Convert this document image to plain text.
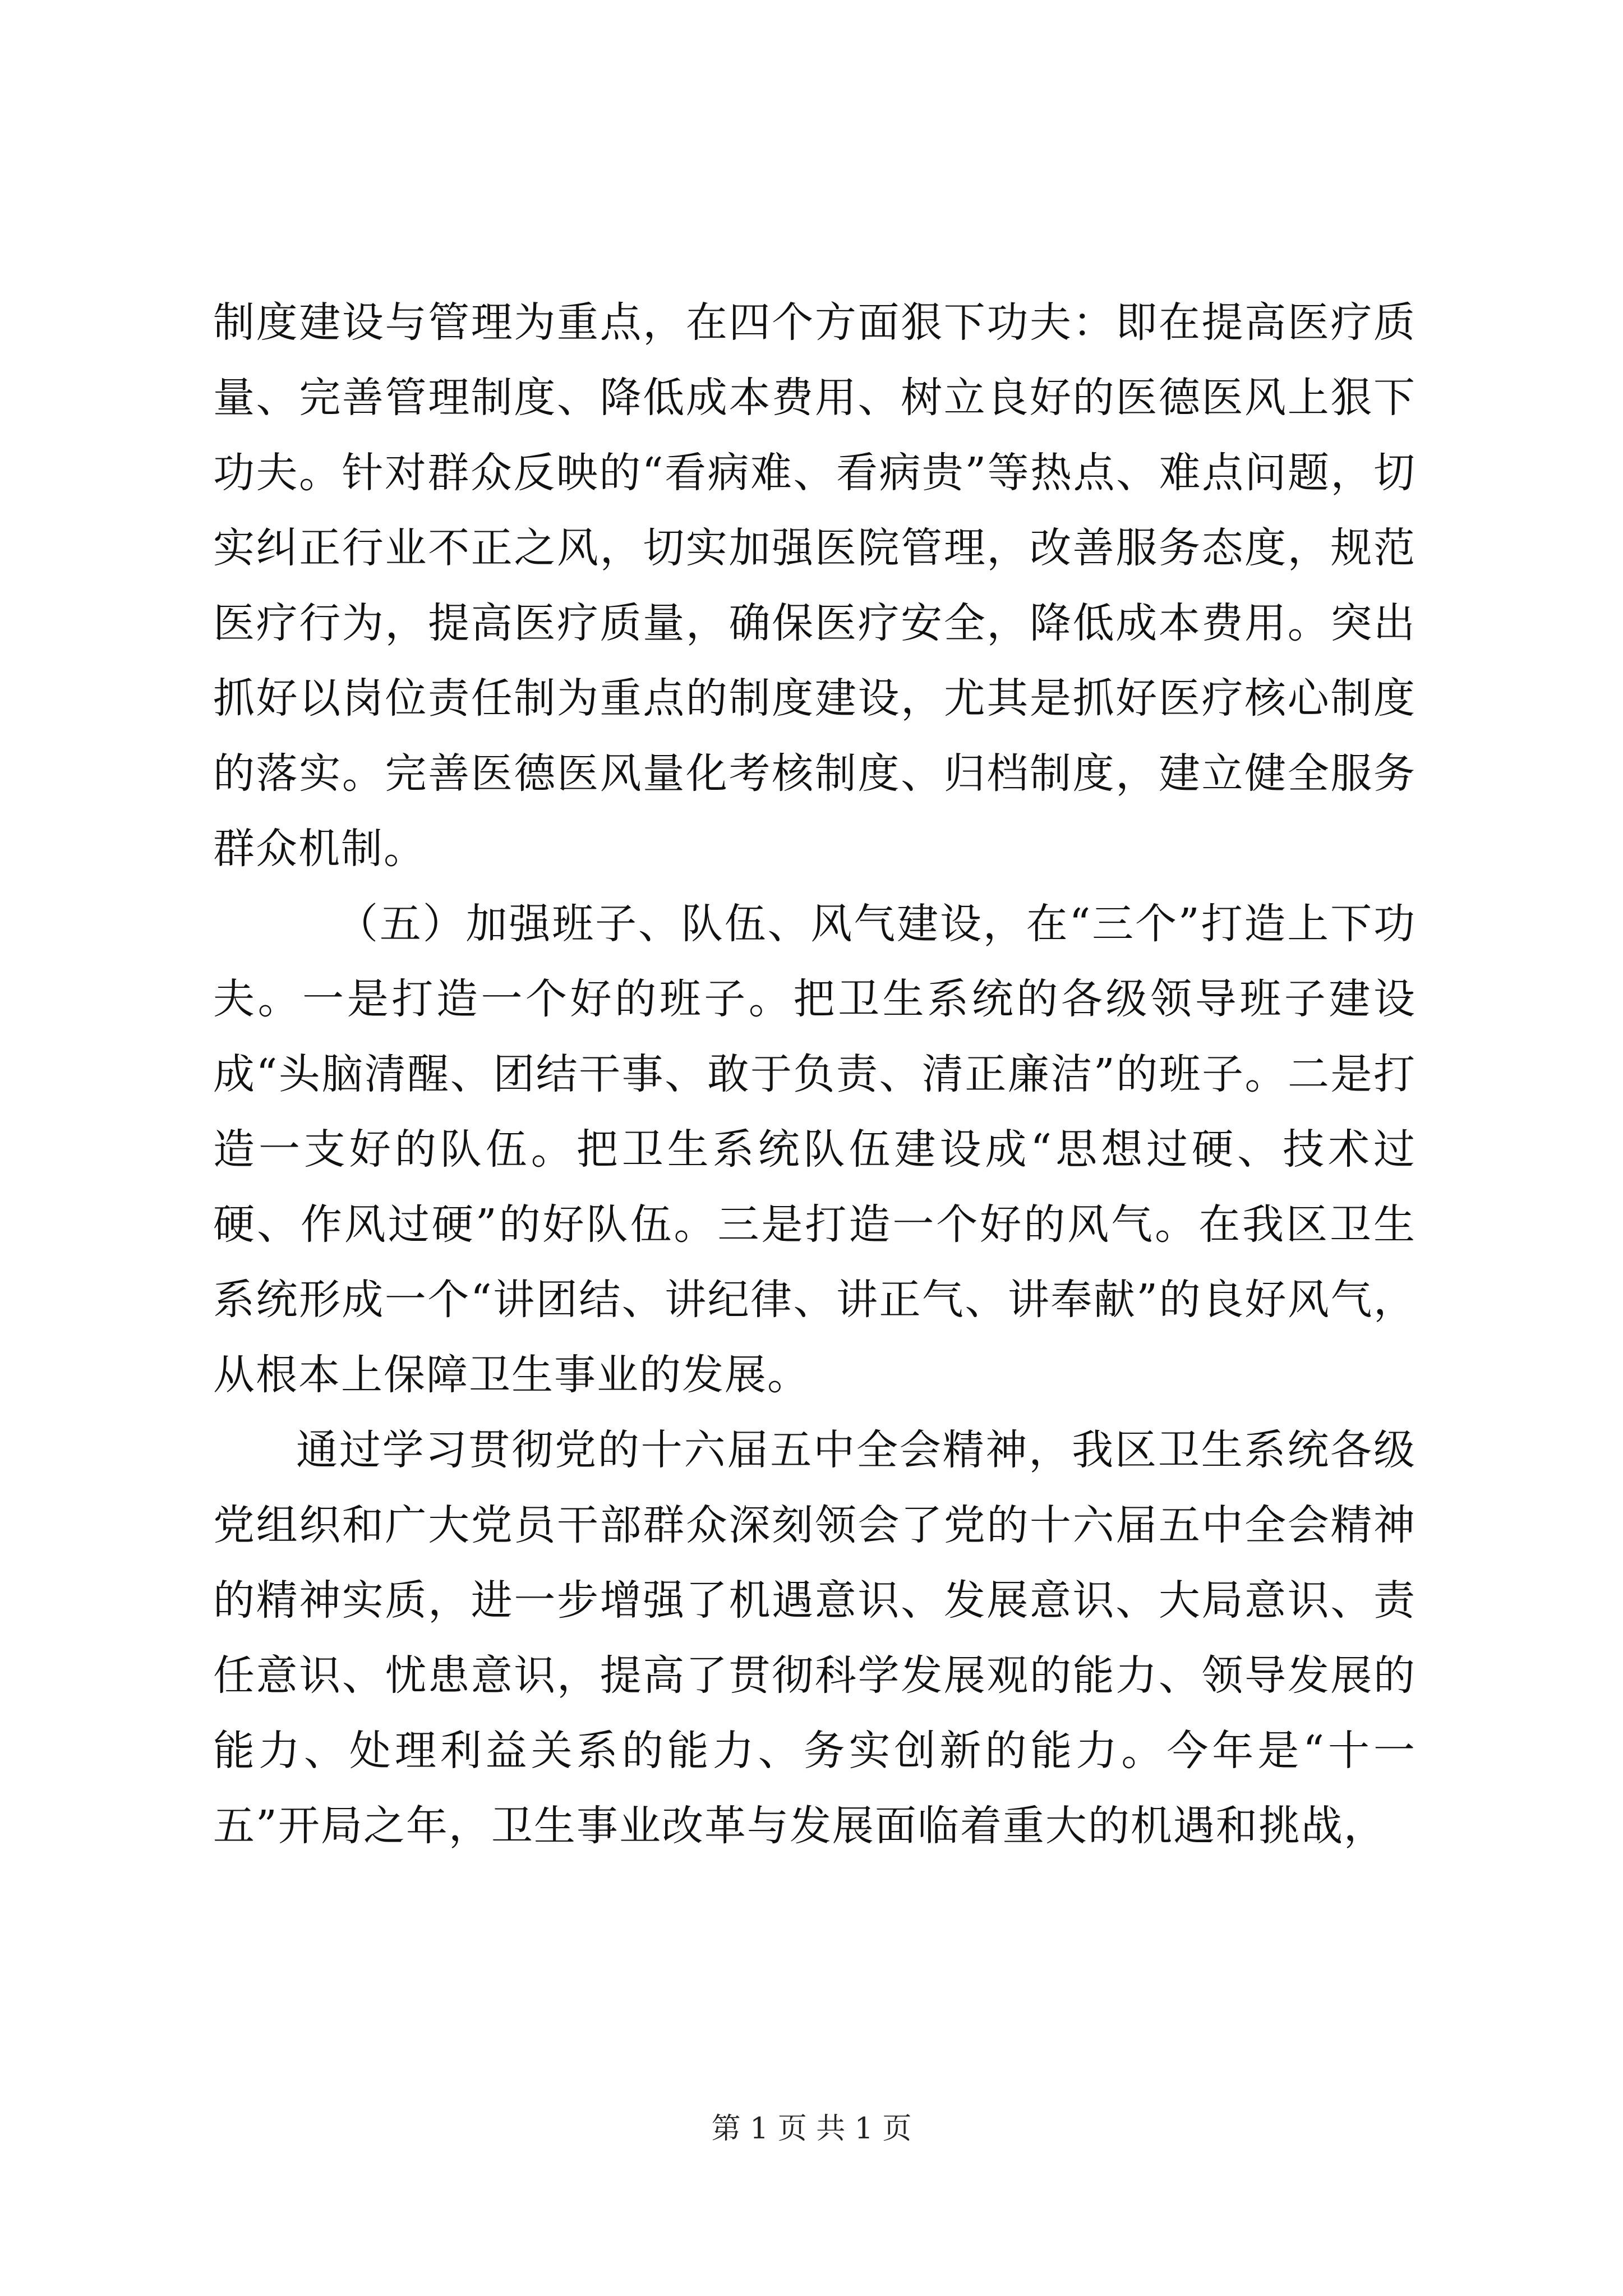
制度建设与管理为重点，在四个方面狠下功夫：即在提高医疗质量、完善管理制度、降低成本费用、树立良好的医德医风上狠下功夫。针对群众反映的“看病难、看病贵”等热点、难点问题，切实纠正行业不正之风，切实加强医院管理，改善服务态度，规范医疗行为，提高医疗质量，确保医疗安全，降低成本费用。突出抓好以岗位责任制为重点的制度建设，尤其是抓好医疗核心制度的落实。完善医德医风量化考核制度、归档制度，建立健全服务群众机制。

（五）加强班子、队伍、风气建设，在“三个”打造上下功夫。一是打造一个好的班子。把卫生系统的各级领导班子建设成“头脑清醒、团结干事、敢于负责、清正廉洁”的班子。二是打造一支好的队伍。把卫生系统队伍建设成“思想过硬、技术过硬、作风过硬”的好队伍。三是打造一个好的风气。在我区卫生系统形成一个“讲团结、讲纪律、讲正气、讲奉献”的良好风气，从根本上保障卫生事业的发展。

通过学习贯彻党的十六届五中全会精神，我区卫生系统各级党组织和广大党员干部群众深刻领会了党的十六届五中全会精神的精神实质，进一步增强了机遇意识、发展意识、大局意识、责任意识、忧患意识，提高了贯彻科学发展观的能力、领导发展的能力、处理利益关系的能力、务实创新的能力。今年是“十一五”开局之年，卫生事业改革与发展面临着重大的机遇和挑战，

第 1 页 共 1 页
